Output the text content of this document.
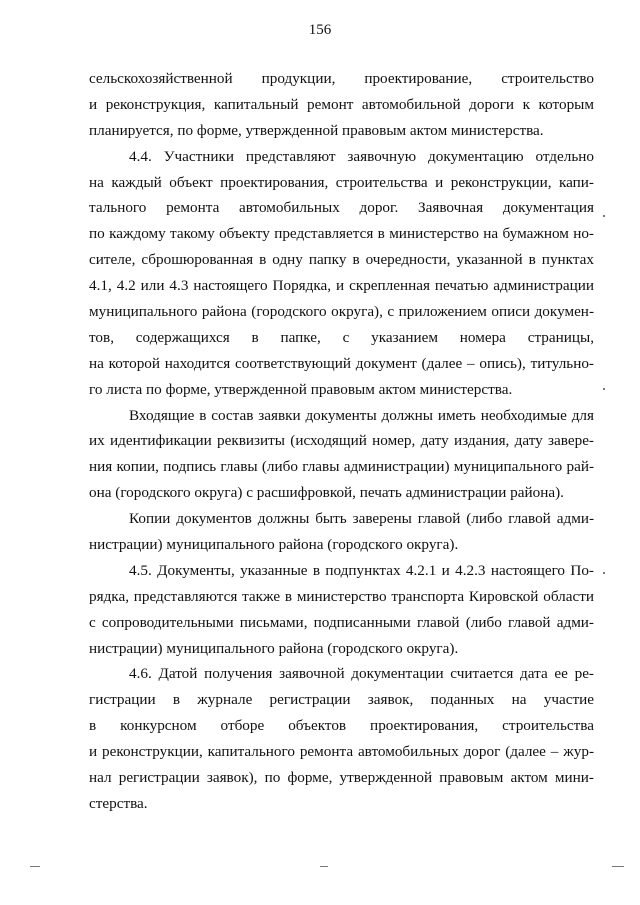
156
сельскохозяйственной продукции, проектирование, строительство
и реконструкция, капитальный ремонт автомобильной дороги к которым
планируется, по форме, утвержденной правовым актом министерства.
4.4. Участники представляют заявочную документацию отдельно
на каждый объект проектирования, строительства и реконструкции, капи-
тального ремонта автомобильных дорог. Заявочная документация
по каждому такому объекту представляется в министерство на бумажном но-
сителе, сброшюрованная в одну папку в очередности, указанной в пунктах
4.1, 4.2 или 4.3 настоящего Порядка, и скрепленная печатью администрации
муниципального района (городского округа), с приложением описи докумен-
тов, содержащихся в папке, с указанием номера страницы,
на которой находится соответствующий документ (далее – опись), титульно-
го листа по форме, утвержденной правовым актом министерства.
Входящие в состав заявки документы должны иметь необходимые для
их идентификации реквизиты (исходящий номер, дату издания, дату завере-
ния копии, подпись главы (либо главы администрации) муниципального рай-
она (городского округа) с расшифровкой, печать администрации района).
Копии документов должны быть заверены главой (либо главой адми-
нистрации) муниципального района (городского округа).
4.5. Документы, указанные в подпунктах 4.2.1 и 4.2.3 настоящего По-
рядка, представляются также в министерство транспорта Кировской области
с сопроводительными письмами, подписанными главой (либо главой адми-
нистрации) муниципального района (городского округа).
4.6. Датой получения заявочной документации считается дата ее ре-
гистрации в журнале регистрации заявок, поданных на участие
в конкурсном отборе объектов проектирования, строительства
и реконструкции, капитального ремонта автомобильных дорог (далее – жур-
нал регистрации заявок), по форме, утвержденной правовым актом мини-
стерства.
